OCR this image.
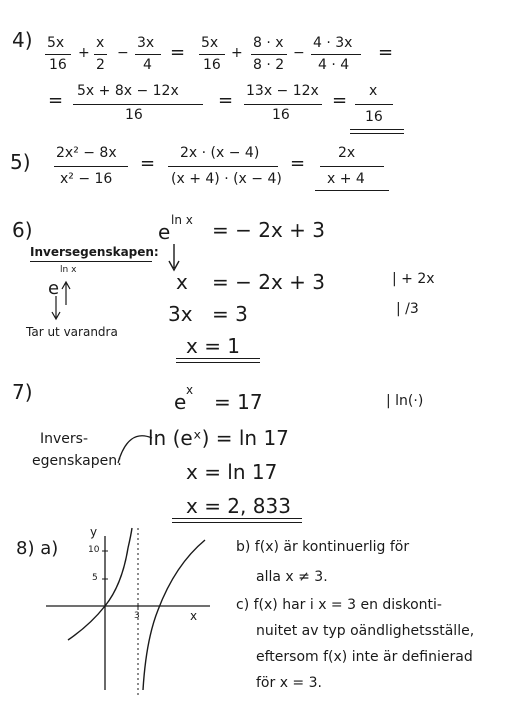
4) 5x
16
+
x
2
−
3x
4
= 5x
16
+
8 · x
8 · 2
−
4 · 3x
4 · 4
=
= 5x + 8x − 12x
16
= 13x − 12x
16
= x
16
5) 2x² − 8x
x² − 16
= 2x · (x − 4)
(x + 4) · (x − 4)
= 2x
x + 4
6)
Inversegenskapen:
ln x
e
Tar ut varandra
e ln x = − 2x + 3
x = − 2x + 3	| + 2x
3x = 3	| /3
x = 1
7)	e x = 17	| ln(·)
Invers-
egenskapen:
ln (eˣ) = ln 17
x = ln 17
x = 2, 833
8) a)
y
10
5
3	x
b) f(x) är kontinuerlig för
alla x ≠ 3.
c) f(x) har i x = 3 en diskonti-
nuitet av typ oändlighetsställe,
eftersom f(x) inte är definierad
för x = 3.
